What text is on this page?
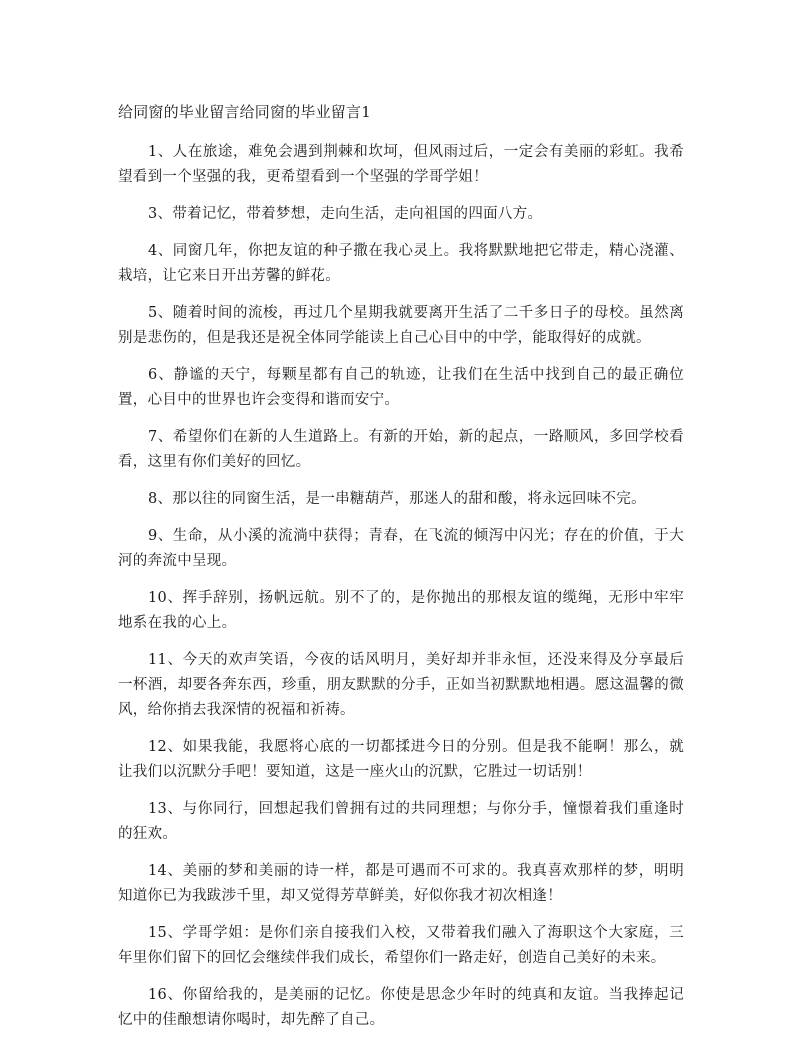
给同窗的毕业留言给同窗的毕业留言1

1、人在旅途，难免会遇到荆棘和坎坷，但风雨过后，一定会有美丽的彩虹。我希望看到一个坚强的我，更希望看到一个坚强的学哥学姐！

3、带着记忆，带着梦想，走向生活，走向祖国的四面八方。

4、同窗几年，你把友谊的种子撒在我心灵上。我将默默地把它带走，精心浇灌、栽培，让它来日开出芳馨的鲜花。

5、随着时间的流梭，再过几个星期我就要离开生活了二千多日子的母校。虽然离别是悲伤的，但是我还是祝全体同学能读上自己心目中的中学，能取得好的成就。

6、静谧的天宁，每颗星都有自己的轨迹，让我们在生活中找到自己的最正确位置，心目中的世界也许会变得和谐而安宁。

7、希望你们在新的人生道路上。有新的开始，新的起点，一路顺风，多回学校看看，这里有你们美好的回忆。

8、那以往的同窗生活，是一串糖葫芦，那迷人的甜和酸，将永远回味不完。

9、生命，从小溪的流淌中获得；青春，在飞流的倾泻中闪光；存在的价值，于大河的奔流中呈现。

10、挥手辞别，扬帆远航。别不了的，是你抛出的那根友谊的缆绳，无形中牢牢地系在我的心上。

11、今天的欢声笑语，今夜的话风明月，美好却并非永恒，还没来得及分享最后一杯酒，却要各奔东西，珍重，朋友默默的分手，正如当初默默地相遇。愿这温馨的微风，给你捎去我深情的祝福和祈祷。

12、如果我能，我愿将心底的一切都揉进今日的分别。但是我不能啊！那么，就让我们以沉默分手吧！要知道，这是一座火山的沉默，它胜过一切话别！

13、与你同行，回想起我们曾拥有过的共同理想；与你分手，憧憬着我们重逢时的狂欢。

14、美丽的梦和美丽的诗一样，都是可遇而不可求的。我真喜欢那样的梦，明明知道你已为我跋涉千里，却又觉得芳草鲜美，好似你我才初次相逢！

15、学哥学姐：是你们亲自接我们入校，又带着我们融入了海职这个大家庭，三年里你们留下的回忆会继续伴我们成长，希望你们一路走好，创造自己美好的未来。

16、你留给我的，是美丽的记忆。你使是思念少年时的纯真和友谊。当我捧起记忆中的佳酿想请你喝时，却先醉了自己。
